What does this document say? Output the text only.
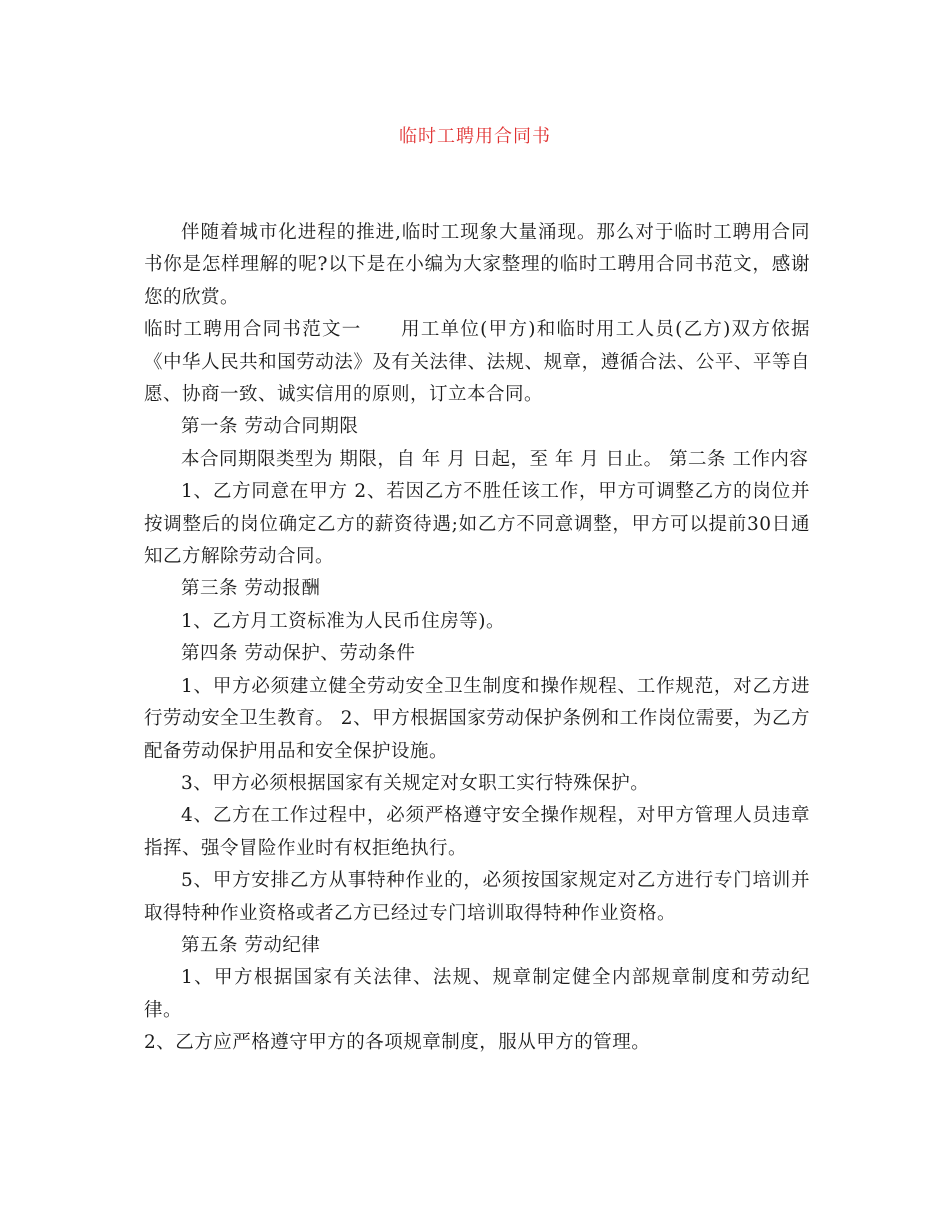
临时工聘用合同书

伴随着城市化进程的推进,临时工现象大量涌现。那么对于临时工聘用合同书你是怎样理解的呢?以下是在小编为大家整理的临时工聘用合同书范文，感谢您的欣赏。

临时工聘用合同书范文一　　用工单位(甲方)和临时用工人员(乙方)双方依据《中华人民共和国劳动法》及有关法律、法规、规章，遵循合法、公平、平等自愿、协商一致、诚实信用的原则，订立本合同。

第一条 劳动合同期限

本合同期限类型为 期限，自 年 月 日起，至 年 月 日止。 第二条 工作内容

1、乙方同意在甲方 2、若因乙方不胜任该工作，甲方可调整乙方的岗位并按调整后的岗位确定乙方的薪资待遇;如乙方不同意调整，甲方可以提前30日通知乙方解除劳动合同。

第三条 劳动报酬

1、乙方月工资标准为人民币住房等)。

第四条 劳动保护、劳动条件

1、甲方必须建立健全劳动安全卫生制度和操作规程、工作规范，对乙方进行劳动安全卫生教育。 2、甲方根据国家劳动保护条例和工作岗位需要，为乙方配备劳动保护用品和安全保护设施。

3、甲方必须根据国家有关规定对女职工实行特殊保护。

4、乙方在工作过程中，必须严格遵守安全操作规程，对甲方管理人员违章指挥、强令冒险作业时有权拒绝执行。

5、甲方安排乙方从事特种作业的，必须按国家规定对乙方进行专门培训并取得特种作业资格或者乙方已经过专门培训取得特种作业资格。

第五条 劳动纪律

1、甲方根据国家有关法律、法规、规章制定健全内部规章制度和劳动纪律。

2、乙方应严格遵守甲方的各项规章制度，服从甲方的管理。
